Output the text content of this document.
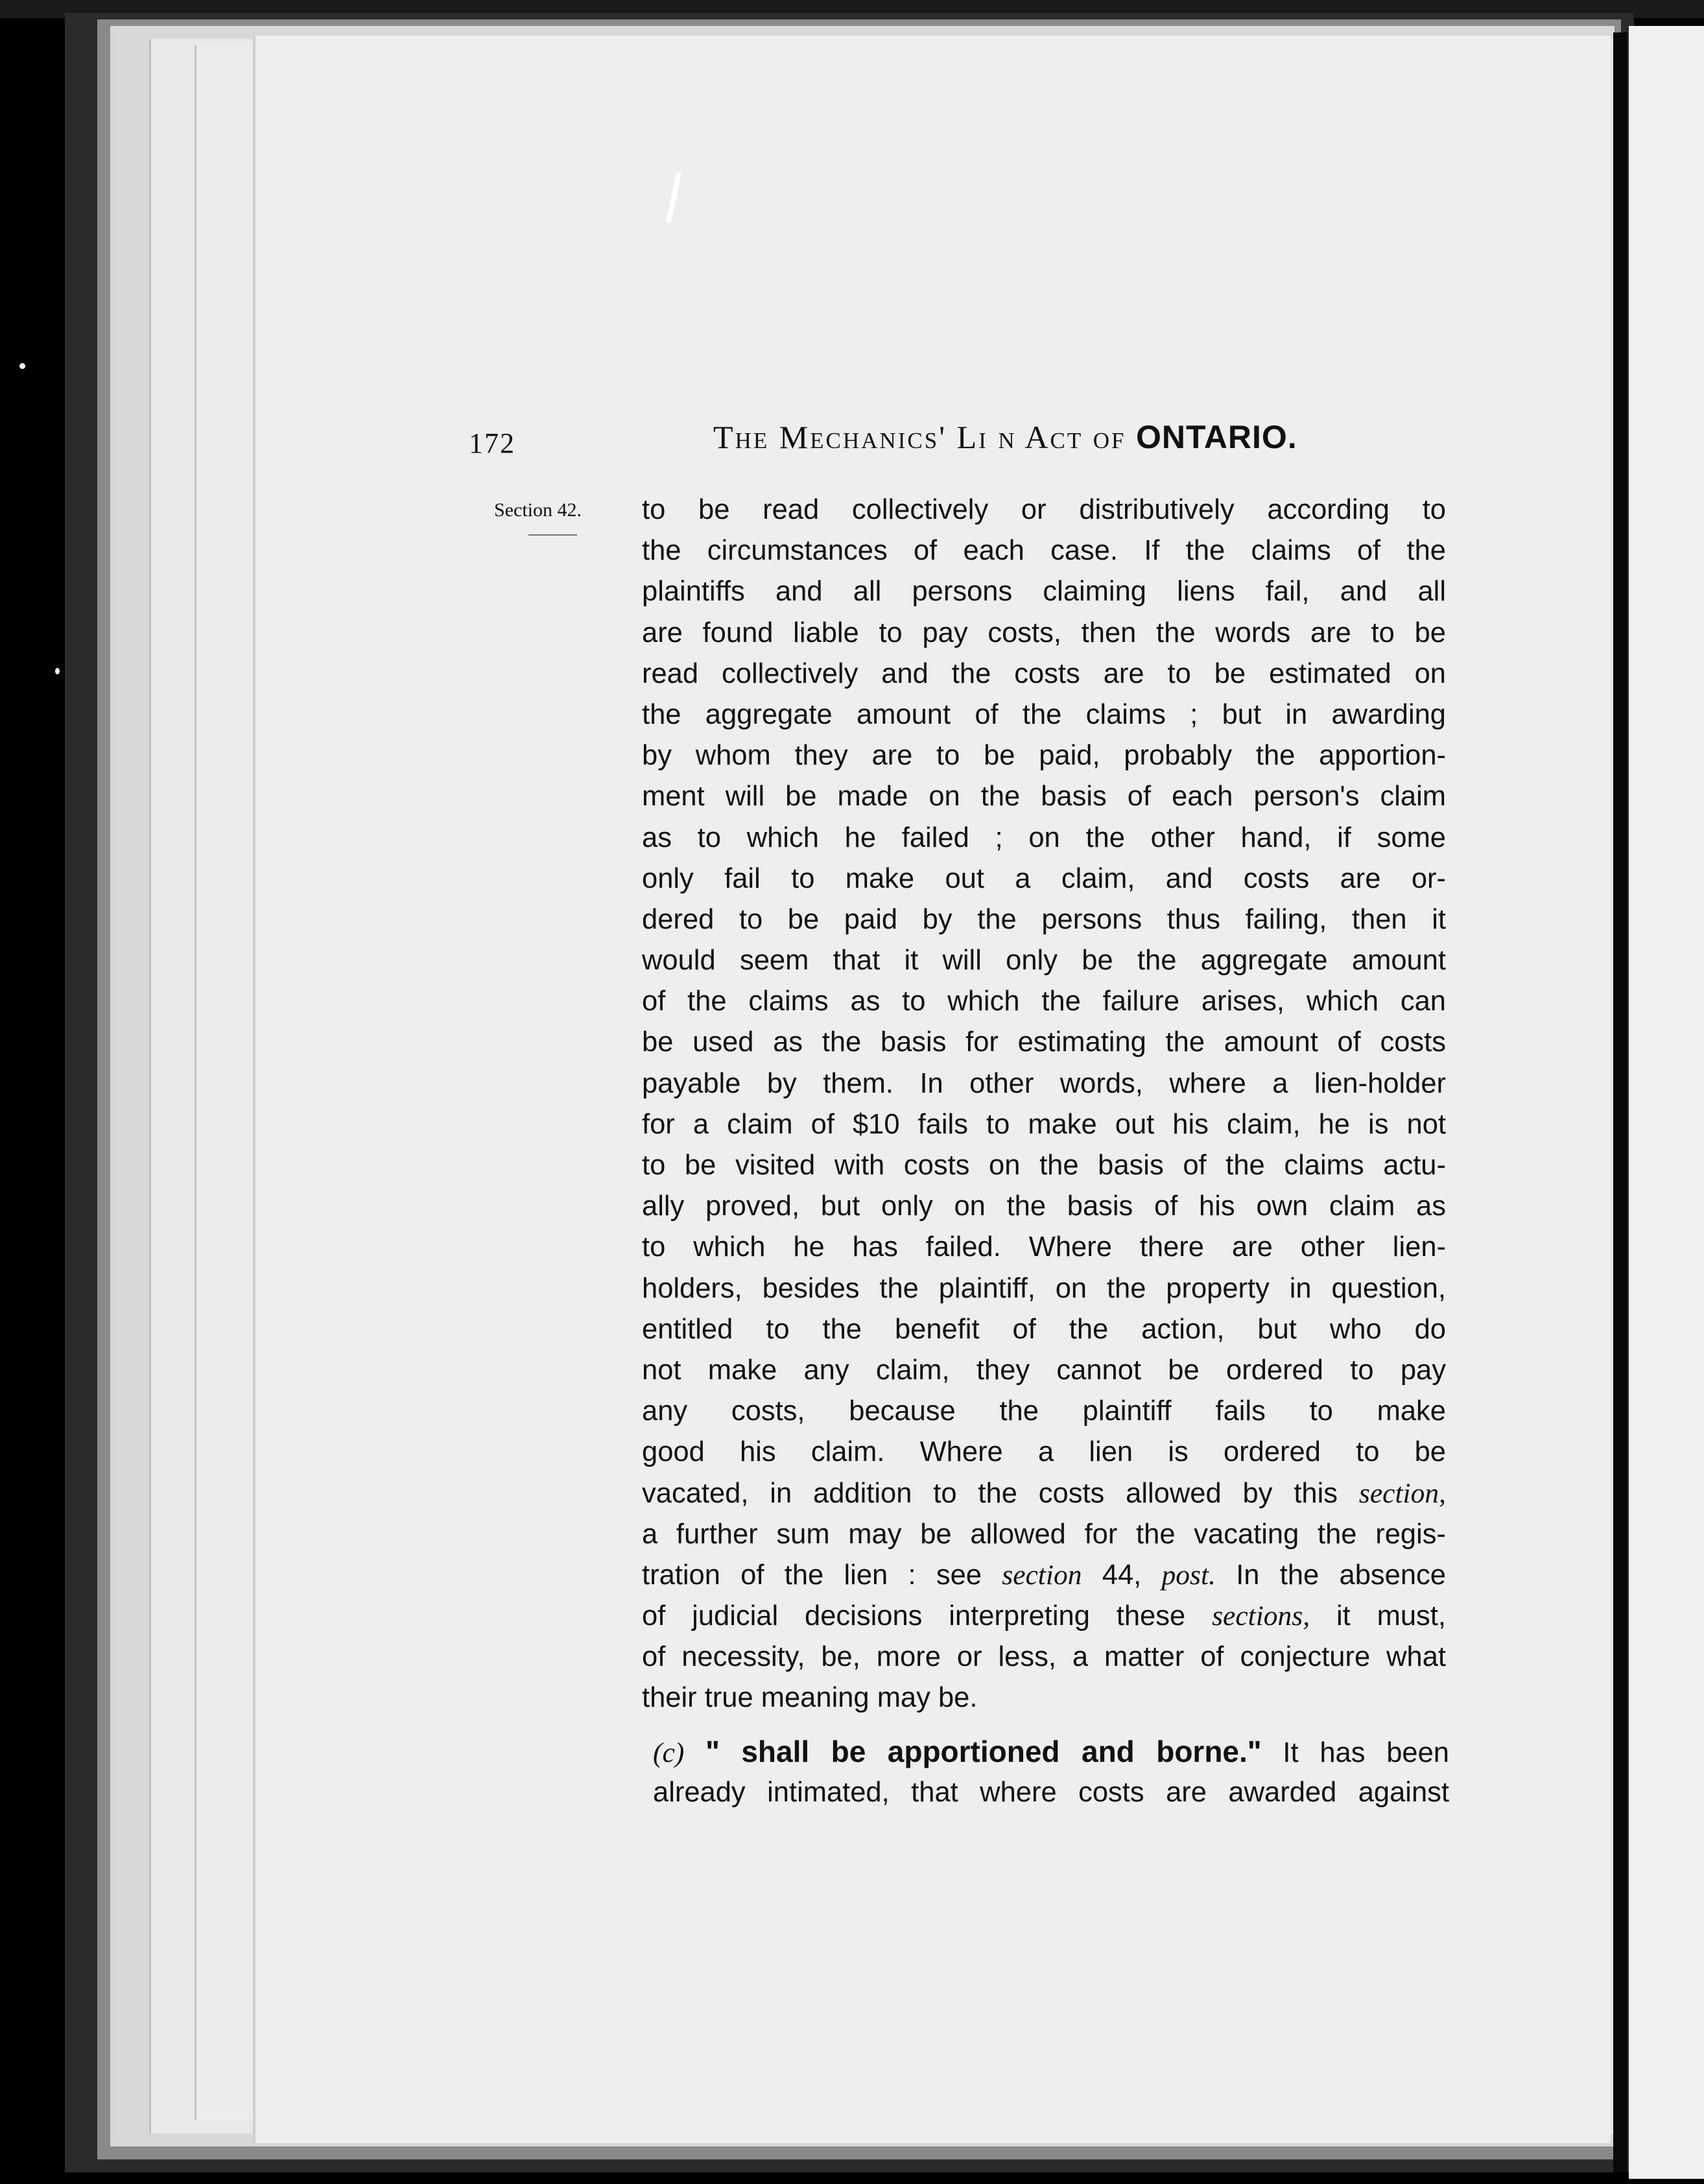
172	The Mechanics' Li n Act of ONTARIO.
Section 42. to be read collectively or distributively according to
the circumstances of each case. If the claims of the
plaintiffs and all persons claiming liens fail, and all
are found liable to pay costs, then the words are to be
read collectively and the costs are to be estimated on
the aggregate amount of the claims ; but in awarding
by whom they are to be paid, probably the apportion-
ment will be made on the basis of each person's claim
as to which he failed ; on the other hand, if some
only fail to make out a claim, and costs are or-
dered to be paid by the persons thus failing, then it
would seem that it will only be the aggregate amount
of the claims as to which the failure arises, which can
be used as the basis for estimating the amount of costs
payable by them. In other words, where a lien-holder
for a claim of $10 fails to make out his claim, he is not
to be visited with costs on the basis of the claims actu-
ally proved, but only on the basis of his own claim as
to which he has failed. Where there are other lien-
holders, besides the plaintiff, on the property in question,
entitled to the benefit of the action, but who do
not make any claim, they cannot be ordered to pay
any costs, because the plaintiff fails to make
good his claim. Where a lien is ordered to be
vacated, in addition to the costs allowed by this section,
a further sum may be allowed for the vacating the regis-
tration of the lien : see section 44, post. In the absence
of judicial decisions interpreting these sections, it must,
of necessity, be, more or less, a matter of conjecture what
their true meaning may be.
(c) " shall be apportioned and borne." It has been
already intimated, that where costs are awarded against
